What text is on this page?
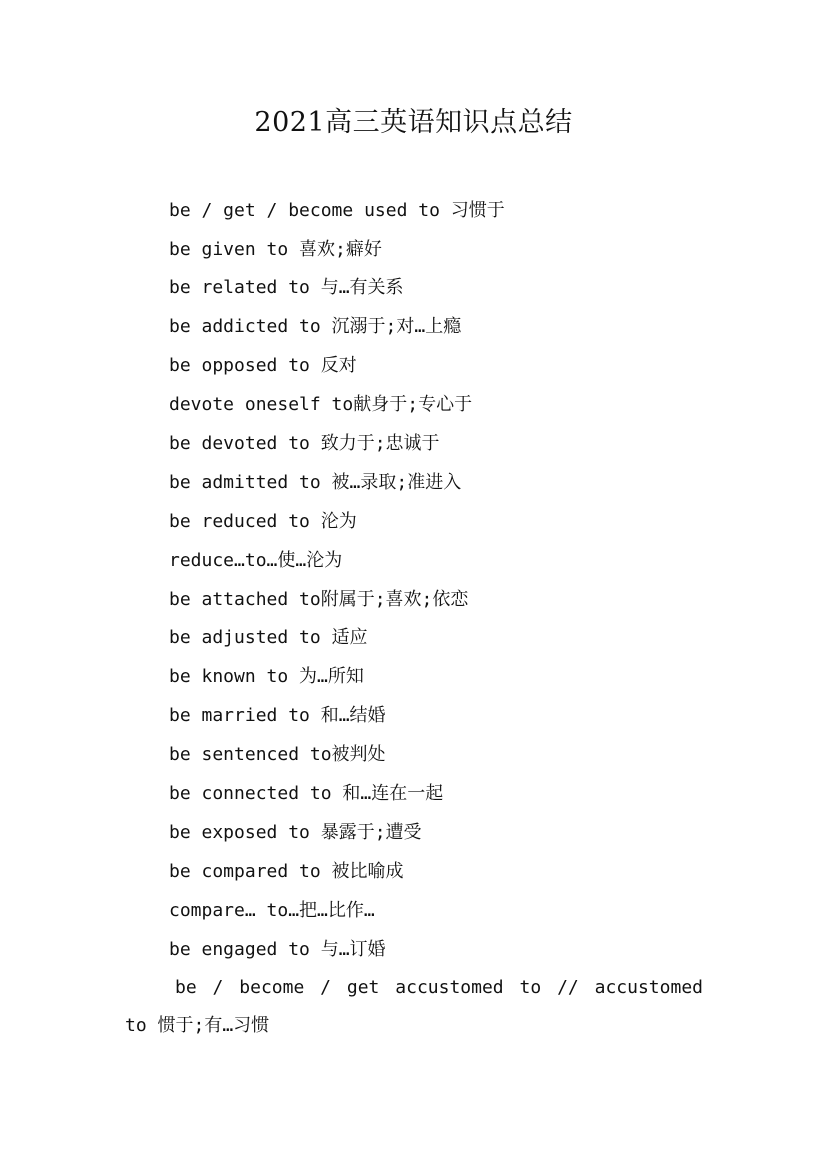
2021高三英语知识点总结
be / get / become used to 习惯于
be given to 喜欢;癖好
be related to 与…有关系
be addicted to 沉溺于;对…上瘾
be opposed to 反对
devote oneself to献身于;专心于
be devoted to 致力于;忠诚于
be admitted to 被…录取;准进入
be reduced to 沦为
reduce…to…使…沦为
be attached to附属于;喜欢;依恋
be adjusted to 适应
be known to 为…所知
be married to 和…结婚
be sentenced to被判处
be connected to 和…连在一起
be exposed to 暴露于;遭受
be compared to 被比喻成
compare… to…把…比作…
be engaged to 与…订婚
be / become / get accustomed to // accustomed
to 惯于;有…习惯
